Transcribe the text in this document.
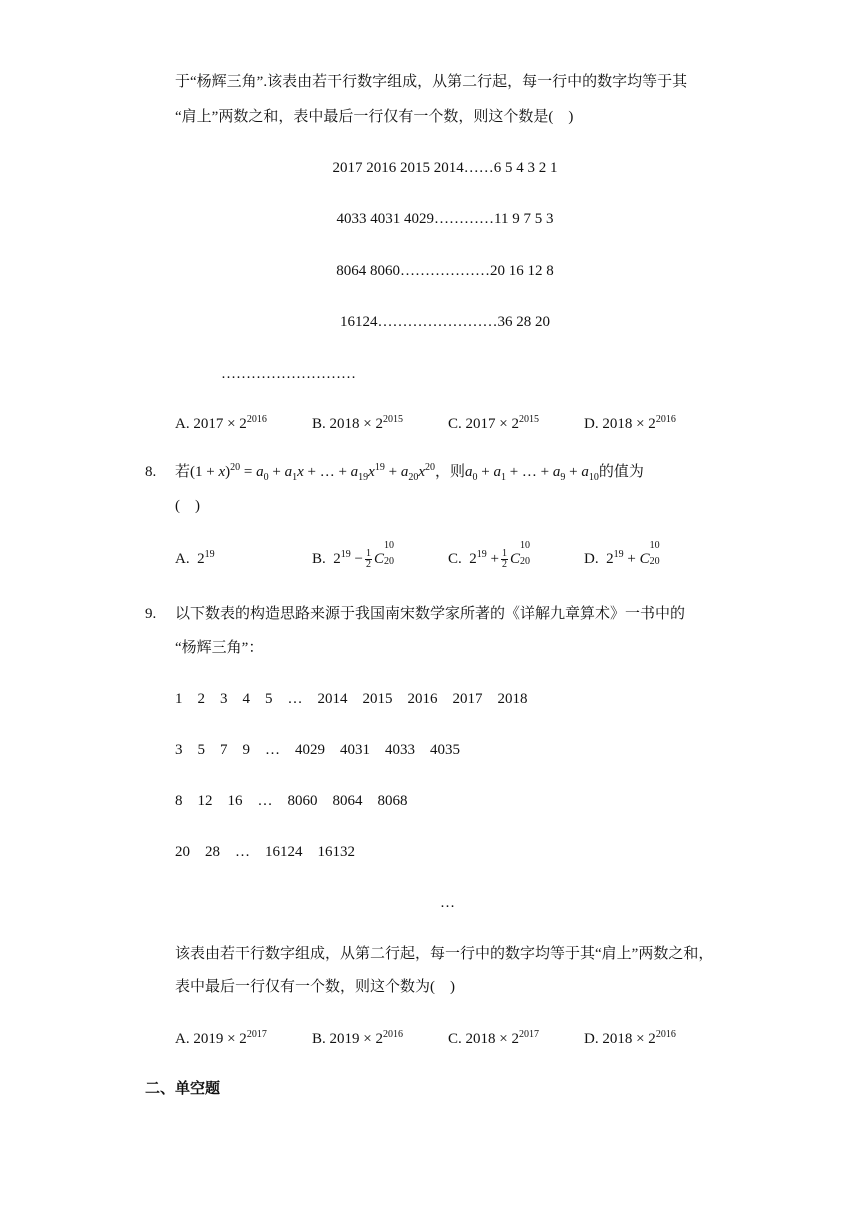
于“杨辉三角”.该表由若干行数字组成，从第二行起，每一行中的数字均等于其
“肩上”两数之和，表中最后一行仅有一个数，则这个数是(　)
2017 2016 2015 2014……6 5 4 3 2 1
4033 4031 4029…………11 9 7 5 3
8064 8060………………20 16 12 8
16124……………………36 28 20
………………………
A. $2017 \times 2^{2016}$	B. $2018 \times 2^{2015}$	C. $2017 \times 2^{2015}$	D. $2018 \times 2^{2016}$
8. 若$(1 + x)^{20} = a_0 + a_1x$ + … + $a_{19}x^{19} + a_{20}x^{20}$，则$a_0 + a_1$ + … + $a_9 + a_{10}$的值为
(　)
A. $2^{19}$	B. $2^{19} - \frac{1}{2}$ C
10
20	C. $2^{19} + \frac{1}{2}$ C
10
20	D. $2^{19} + C$
10
20
9. 以下数表的构造思路来源于我国南宋数学家所著的《详解九章算术》一书中的
“杨辉三角”：
1　2　3　4　5　…　2014　2015　2016　2017　2018
3　5　7　9　…　4029　4031　4033　4035
8　12　16　…　8060　8064　8068
20　28　…　16124　16132
…
该表由若干行数字组成，从第二行起，每一行中的数字均等于其“肩上”两数之和，
表中最后一行仅有一个数，则这个数为(　)
A. $2019 \times 2^{2017}$	B. $2019 \times 2^{2016}$	C. $2018 \times 2^{2017}$	D. $2018 \times 2^{2016}$
二、单空题
